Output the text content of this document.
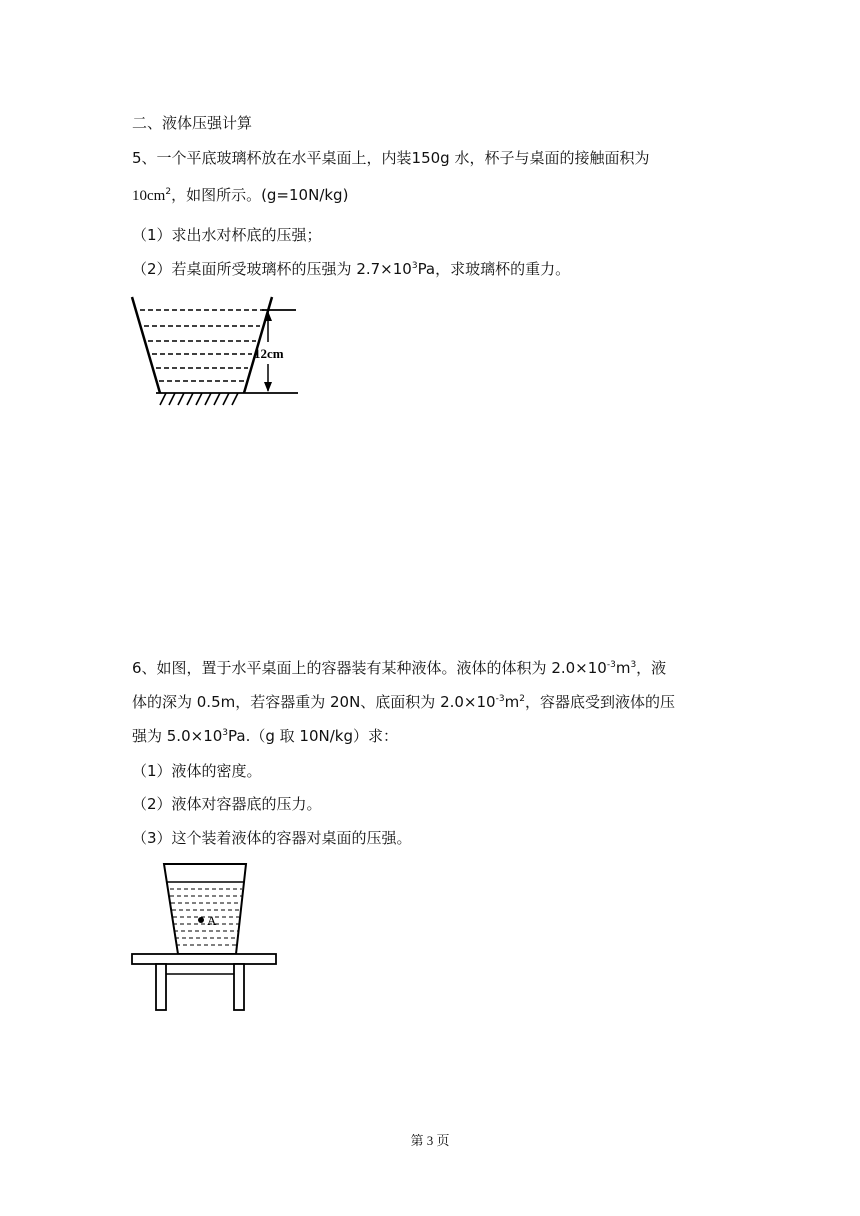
二、液体压强计算
5、一个平底玻璃杯放在水平桌面上，内装150g 水，杯子与桌面的接触面积为
$10cm^2$，如图所示。(g=10N/kg)
（1）求出水对杯底的压强；
（2）若桌面所受玻璃杯的压强为 $2.7\times 10^3Pa$，求玻璃杯的重力。
12cm
6、如图，置于水平桌面上的容器装有某种液体。液体的体积为 $2.0\times 10^{-3}m^3$，液
体的深为 0.5m，若容器重为 20N、底面积为 $2.0\times 10^{-3}m^2$，容器底受到液体的压
强为 $5.0\times 10^3Pa.(g$ 取 10N/kg）求：
（1）液体的密度。
（2）液体对容器底的压力。
（3）这个装着液体的容器对桌面的压强。
A
第 3 页
